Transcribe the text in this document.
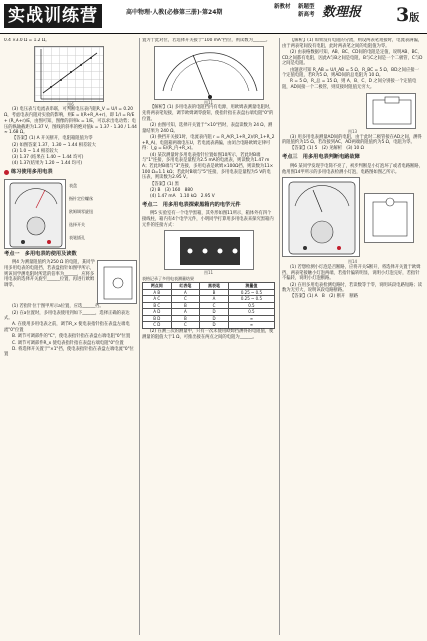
实战训练营	高中物理·人教(必修第三册)·第24期
新教材 新题型
新高考 数理报 3版

0.4 ×3.0 Ω = 1.2 Ω。

图6

(3) 电压表与电流表串联，可判断电压表内阻R_V = U/I = 0.20 Ω，考虑电表内阻对实验的影响，则E = I(R+R_A+r)，即 1/I = R/E + (R_A+r)/E，由图可知，图像的斜率k = 1/E，可以求出电动势；电压的纵轴截距为1.37 V，图线的斜率的绝对值k = 1.37 - 1.30 / 1.44 ≈ 1.68 Ω。

【答案】(1) A 开关断开，电阻箱阻值为零

(2) 如图答案 1.37、1.30 ~ 1.44 相差较大

(3) 1.0 ~ 1.4 相差较大

(3) 1.37 (结果在 1.40 ~ 1.44 均可)

(4) 1.37(结果为 1.20 ~ 1.44 均可)

练习使用多用电表
表盘
指针定位螺丝
欧姆调零旋钮
选择开关
表笔插孔
考点一　多用电表的使用及读数

例4 为测量阻值约为250 Ω 的电阻，某同学用多用电表的电阻挡，若表盘指针如图甲所示，则该同学测电阻时所选的倍率为______，应将多用电表的选择开关旋至______位置，再进行欧姆调零。

(1) 若指针位于图甲所示a位置，应选______挡。

(2) 在a位置时，多用电表使用到如下______，选择正确的表达式。

A. 在使用多用电表之前，调节R_x 使电表指针指在表盘左端电流"0"位置

B. 调节可调部件的"C"，使电表指针指在表盘右端电阻"0"位置

C. 调节可调部件R_x 使电表指针指在表盘右端电阻"0"位置

D. 将选择开关置于"×1"挡，使电表指针指在表盘左端电流"0"位置

置为于此对位，若选择开关接于"100 mA"挡位，则读数为______。

图11

【解析】(1) 多用电表的电阻挡内有电源，用欧姆表测量电阻时，先将两表笔短接，调节欧姆调零旋钮，使指针指在表盘右端电阻"0"的位置。

(2) 由图可知，选择开关置于"×10"挡时，表盘读数为 24 Ω，测量结果为 240 Ω。

(3) 换挡开关接1时，电流表内阻 r = R_A(R_1+R_2)/(R_1+R_2+R_A)，电阻箱两端电压U，若电流表满偏，由闭合电路欧姆定律可得：I_g = E/(R_内+R_x)。

(4) 某次测量时多用电表指针位置如图10所示，若此时B端与"1"连接，多用电表是量程为2.5 mA的电流表，则读数为1.47 mA；若此时B端与"3"连接，多用电表是欧姆×100Ω挡，则读数为11×100 Ω=1.1 kΩ；若此时B端与"5"连接，多用电表是量程为5 V的电压表，则读数为2.95 V。

【答案】(1) 黑

(2) B　(3) 160　880

(4) 1.47 mA　1.10 kΩ　2.95 V

考点二　用多用电表探索黑箱内的电学元件

例5 实验室有一个电学黑箱，其外形如图11所示，箱体外有四个接线柱，箱内有4个电学元件，小明同学打算用多用电表来探究黑箱内元件的连接方式：

图11

表格记录了多用电表测量结果

两点间	红表笔	黑表笔	测量值
A B	A	B	0.25 ~ 0.5
A C	C	A	0.25 ~ 0.5
B C	B	C	0.5
A D	A	D	0.5
B D	B	D	∞
C D	C	D	∞

(2) 在测三次的测量中，只有一次未使用欧姆挡测得的电阻值，使测量的阻值大于1 Ω，可推出接在两点之间的电阻为______。

【解析】(1) 如果没有电阻的分流，则设两表笔短接时，电流表满偏，由于两表笔间没有电阻，此时两表笔之间的电阻值为零。

(2) 由表格数据可知，AB、BC、CD间的电阻是定值，说明AB、BC、CD之间都有电阻，因此A与B之间是电阻，B与C之间是一个二极管，C与D之间是电阻。

由题意可知 R_AB = U/I_AB = 5 Ω，R_BC = 5 Ω，BD之间应接一个定值电阻，若R为5 Ω，则AD间的总电阻为 10 Ω。

R = 5 Ω，R_总 = 15 Ω，则 A、B、C、D 之间分别接一个定值电阻，AD间接一个二极管，则反接时阻值无穷大。

图13

(3) 用多用电表测量AD间的电阻，由于此时二极管接在AD之间，测得的阻值约为15 Ω。若改接到AC，AD两端的阻值约为5 Ω，电阻为零。

【答案】(1) 5　(2) 见解析　(3) 10 Ω

考点三　用多用电表判断电路故障

例6 某同学发现手电筒不亮了，初步判断是小灯泡坏了或者电路断路，他用图14甲所示的多用电表检测小灯泡，电路图如图乙所示。

图14

(1) 若想检测小灯泡是否断路，应将开关S断开，将选择开关置于欧姆挡，两表笔接触小灯泡两端，若指针偏转明显，说明小灯泡完好，若指针不偏转，说明小灯泡断路。

(2) 在用多用电表检测电路时，若读数等于零，说明该段电路短路；读数为无穷大，说明该段电路断路。

【答案】(1) A　B　(2) 断开　断路
